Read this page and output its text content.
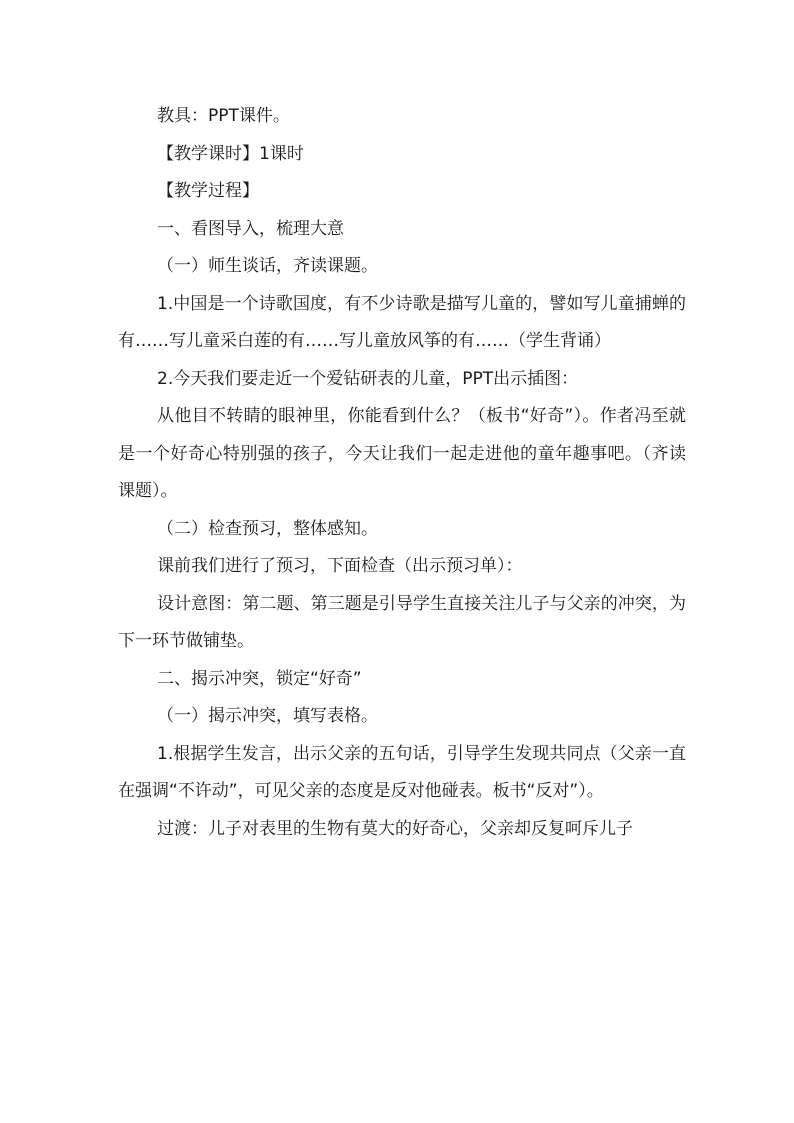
教具：PPT课件。

【教学课时】1课时

【教学过程】

一、看图导入，梳理大意

（一）师生谈话，齐读课题。

1.中国是一个诗歌国度，有不少诗歌是描写儿童的，譬如写儿童捕蝉的有……写儿童采白莲的有……写儿童放风筝的有……（学生背诵）

2.今天我们要走近一个爱钻研表的儿童，PPT出示插图：

从他目不转睛的眼神里，你能看到什么？（板书“好奇”）。作者冯至就是一个好奇心特别强的孩子，今天让我们一起走进他的童年趣事吧。（齐读课题）。

（二）检查预习，整体感知。

课前我们进行了预习，下面检查（出示预习单）：

设计意图：第二题、第三题是引导学生直接关注儿子与父亲的冲突，为下一环节做铺垫。

二、揭示冲突，锁定“好奇”

（一）揭示冲突，填写表格。

1.根据学生发言，出示父亲的五句话，引导学生发现共同点（父亲一直在强调“不许动”，可见父亲的态度是反对他碰表。板书“反对”）。

过渡：儿子对表里的生物有莫大的好奇心，父亲却反复呵斥儿子
